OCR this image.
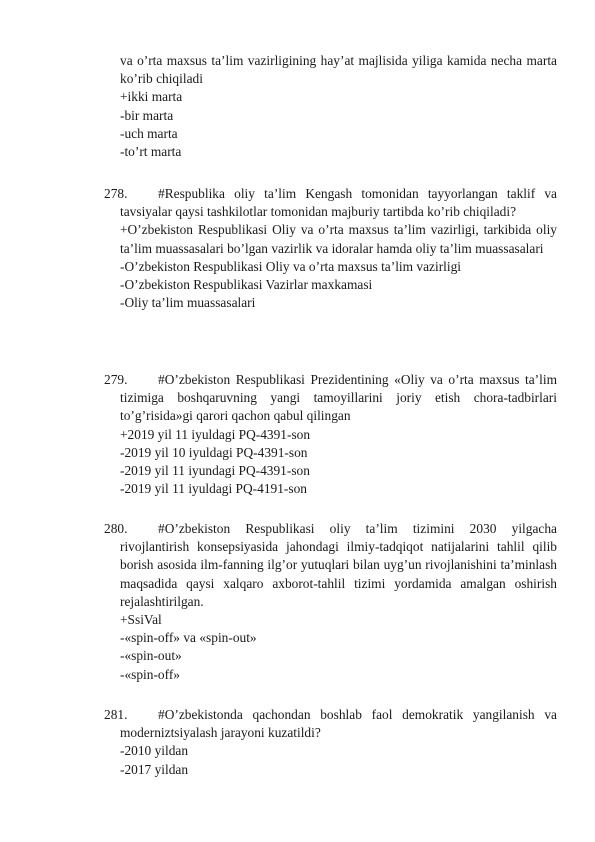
va o’rta maxsus ta’lim vazirligining hay’at majlisida yiliga kamida necha marta ko’rib chiqiladi

+ikki marta

-bir marta

-uch marta

-to’rt marta

278.	#Respublika oliy ta’lim Kengash tomonidan tayyorlangan taklif va tavsiyalar qaysi tashkilotlar tomonidan majburiy tartibda ko’rib chiqiladi?

+O’zbekiston Respublikasi Oliy va o’rta maxsus ta’lim vazirligi, tarkibida oliy ta’lim muassasalari bo’lgan vazirlik va idoralar hamda oliy ta’lim muassasalari

-O’zbekiston Respublikasi Oliy va o’rta maxsus ta’lim vazirligi

-O’zbekiston Respublikasi Vazirlar maxkamasi

-Oliy ta’lim muassasalari

279.	#O’zbekiston Respublikasi Prezidentining «Oliy va o’rta maxsus ta’lim tizimiga boshqaruvning yangi tamoyillarini joriy etish chora-tadbirlari to’g’risida»gi qarori qachon qabul qilingan

+2019 yil 11 iyuldagi PQ-4391-son

-2019 yil 10 iyuldagi PQ-4391-son

-2019 yil 11 iyundagi PQ-4391-son

-2019 yil 11 iyuldagi PQ-4191-son

280.	#O’zbekiston Respublikasi oliy ta’lim tizimini 2030 yilgacha rivojlantirish konsepsiyasida jahondagi ilmiy-tadqiqot natijalarini tahlil qilib borish asosida ilm-fanning ilg’or yutuqlari bilan uyg’un rivojlanishini ta’minlash maqsadida qaysi xalqaro axborot-tahlil tizimi yordamida amalgan oshirish rejalashtirilgan.

+SsiVal

-«spin-off» va «spin-out»

-«spin-out»

-«spin-off»

281.	#O’zbekistonda qachondan boshlab faol demokratik yangilanish va moderniztsiyalash jarayoni kuzatildi?

-2010 yildan

-2017 yildan
